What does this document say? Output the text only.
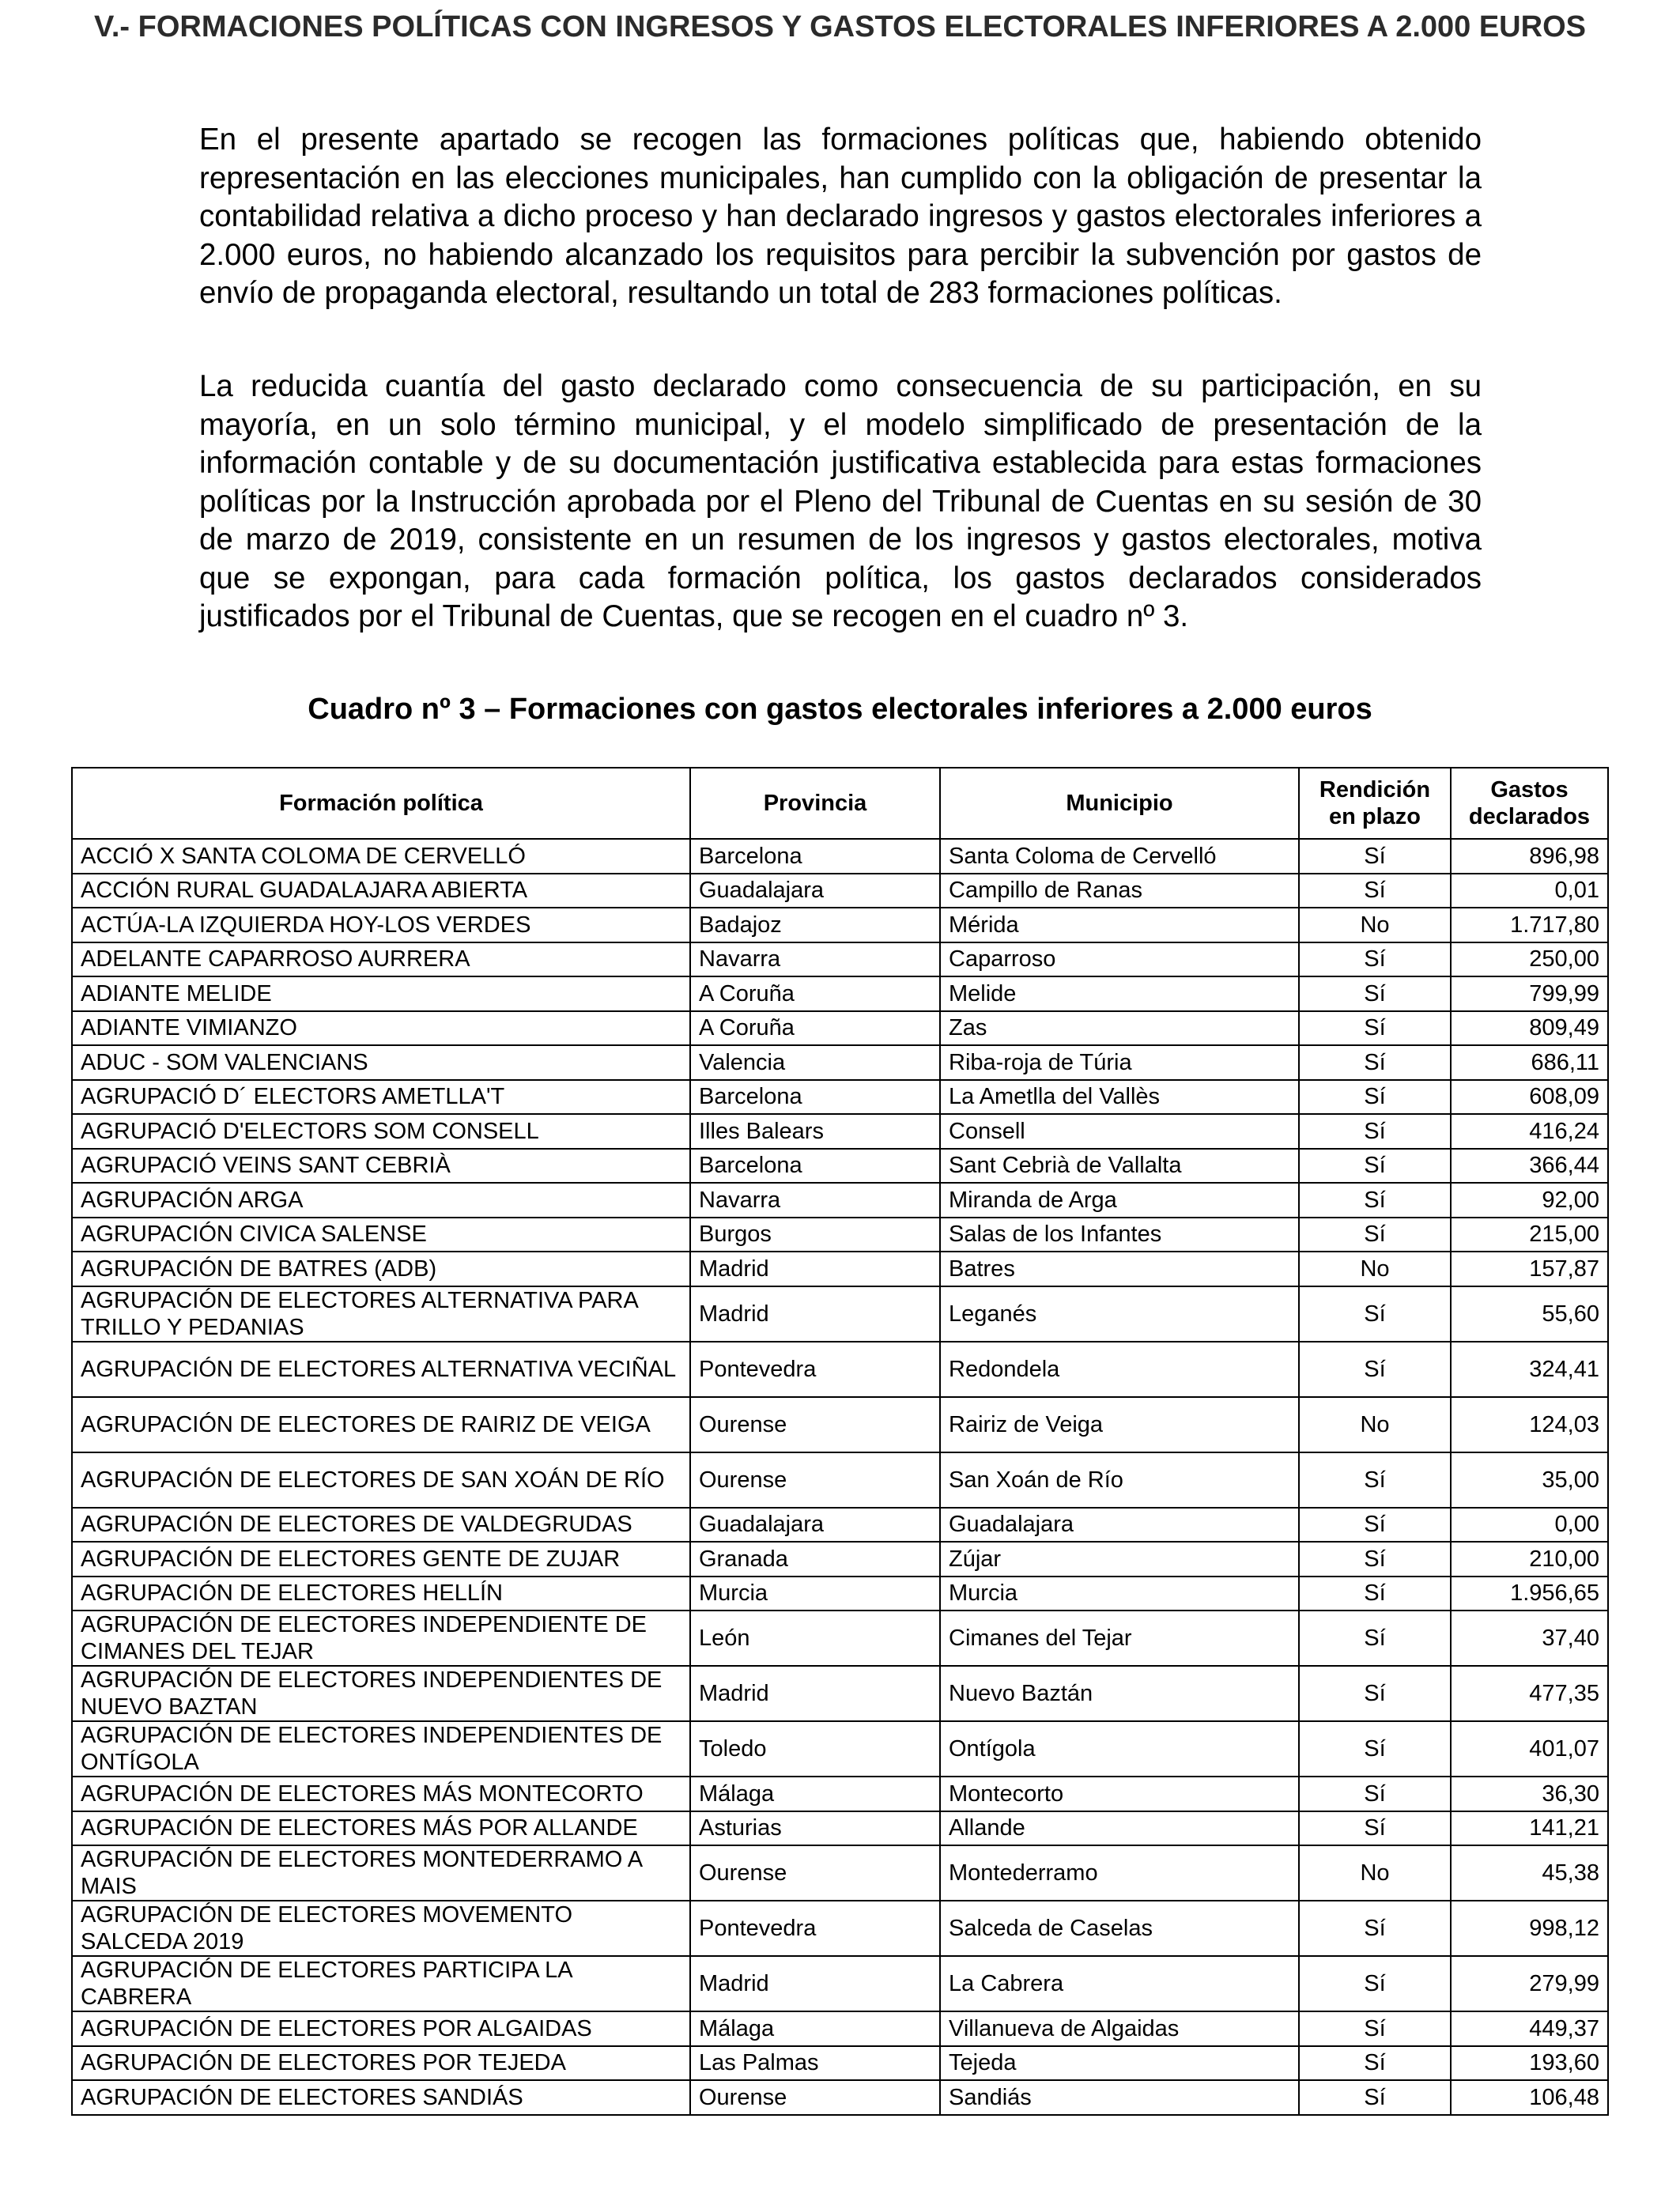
V.- FORMACIONES POLÍTICAS CON INGRESOS Y GASTOS ELECTORALES INFERIORES A 2.000 EUROS

En el presente apartado se recogen las formaciones políticas que, habiendo obtenido representación en las elecciones municipales, han cumplido con la obligación de presentar la contabilidad relativa a dicho proceso y han declarado ingresos y gastos electorales inferiores a 2.000 euros, no habiendo alcanzado los requisitos para percibir la subvención por gastos de envío de propaganda electoral, resultando un total de 283 formaciones políticas.

La reducida cuantía del gasto declarado como consecuencia de su participación, en su mayoría, en un solo término municipal, y el modelo simplificado de presentación de la información contable y de su documentación justificativa establecida para estas formaciones políticas por la Instrucción aprobada por el Pleno del Tribunal de Cuentas en su sesión de 30 de marzo de 2019, consistente en un resumen de los ingresos y gastos electorales, motiva que se expongan, para cada formación política, los gastos declarados considerados justificados por el Tribunal de Cuentas, que se recogen en el cuadro nº 3.

Cuadro nº 3 – Formaciones con gastos electorales inferiores a 2.000 euros
Formación política	Provincia	Municipio	Rendición en plazo	Gastos declarados
ACCIÓ X SANTA COLOMA DE CERVELLÓ	Barcelona	Santa Coloma de Cervelló	Sí	896,98
ACCIÓN RURAL GUADALAJARA ABIERTA	Guadalajara	Campillo de Ranas	Sí	0,01
ACTÚA-LA IZQUIERDA HOY-LOS VERDES	Badajoz	Mérida	No	1.717,80
ADELANTE CAPARROSO AURRERA	Navarra	Caparroso	Sí	250,00
ADIANTE MELIDE	A Coruña	Melide	Sí	799,99
ADIANTE VIMIANZO	A Coruña	Zas	Sí	809,49
ADUC - SOM VALENCIANS	Valencia	Riba-roja de Túria	Sí	686,11
AGRUPACIÓ D´ ELECTORS AMETLLA'T	Barcelona	La Ametlla del Vallès	Sí	608,09
AGRUPACIÓ D'ELECTORS SOM CONSELL	Illes Balears	Consell	Sí	416,24
AGRUPACIÓ VEINS SANT CEBRIÀ	Barcelona	Sant Cebrià de Vallalta	Sí	366,44
AGRUPACIÓN ARGA	Navarra	Miranda de Arga	Sí	92,00
AGRUPACIÓN CIVICA SALENSE	Burgos	Salas de los Infantes	Sí	215,00
AGRUPACIÓN DE BATRES (ADB)	Madrid	Batres	No	157,87
AGRUPACIÓN DE ELECTORES ALTERNATIVA PARA TRILLO Y PEDANIAS	Madrid	Leganés	Sí	55,60
AGRUPACIÓN DE ELECTORES ALTERNATIVA VECIÑAL	Pontevedra	Redondela	Sí	324,41
AGRUPACIÓN DE ELECTORES DE RAIRIZ DE VEIGA	Ourense	Rairiz de Veiga	No	124,03
AGRUPACIÓN DE ELECTORES DE SAN XOÁN DE RÍO	Ourense	San Xoán de Río	Sí	35,00
AGRUPACIÓN DE ELECTORES DE VALDEGRUDAS	Guadalajara	Guadalajara	Sí	0,00
AGRUPACIÓN DE ELECTORES GENTE DE ZUJAR	Granada	Zújar	Sí	210,00
AGRUPACIÓN DE ELECTORES HELLÍN	Murcia	Murcia	Sí	1.956,65
AGRUPACIÓN DE ELECTORES INDEPENDIENTE DE CIMANES DEL TEJAR	León	Cimanes del Tejar	Sí	37,40
AGRUPACIÓN DE ELECTORES INDEPENDIENTES DE NUEVO BAZTAN	Madrid	Nuevo Baztán	Sí	477,35
AGRUPACIÓN DE ELECTORES INDEPENDIENTES DE ONTÍGOLA	Toledo	Ontígola	Sí	401,07
AGRUPACIÓN DE ELECTORES MÁS MONTECORTO	Málaga	Montecorto	Sí	36,30
AGRUPACIÓN DE ELECTORES MÁS POR ALLANDE	Asturias	Allande	Sí	141,21
AGRUPACIÓN DE ELECTORES MONTEDERRAMO A MAIS	Ourense	Montederramo	No	45,38
AGRUPACIÓN DE ELECTORES MOVEMENTO SALCEDA 2019	Pontevedra	Salceda de Caselas	Sí	998,12
AGRUPACIÓN DE ELECTORES PARTICIPA LA CABRERA	Madrid	La Cabrera	Sí	279,99
AGRUPACIÓN DE ELECTORES POR ALGAIDAS	Málaga	Villanueva de Algaidas	Sí	449,37
AGRUPACIÓN DE ELECTORES POR TEJEDA	Las Palmas	Tejeda	Sí	193,60
AGRUPACIÓN DE ELECTORES SANDIÁS	Ourense	Sandiás	Sí	106,48
